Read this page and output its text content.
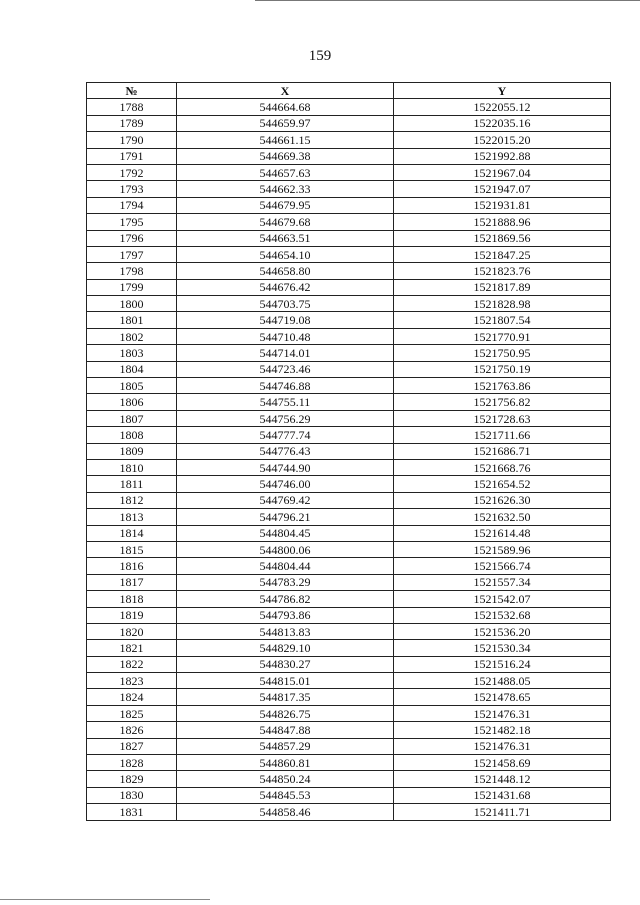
159
№	X	Y
1788	544664.68	1522055.12
1789	544659.97	1522035.16
1790	544661.15	1522015.20
1791	544669.38	1521992.88
1792	544657.63	1521967.04
1793	544662.33	1521947.07
1794	544679.95	1521931.81
1795	544679.68	1521888.96
1796	544663.51	1521869.56
1797	544654.10	1521847.25
1798	544658.80	1521823.76
1799	544676.42	1521817.89
1800	544703.75	1521828.98
1801	544719.08	1521807.54
1802	544710.48	1521770.91
1803	544714.01	1521750.95
1804	544723.46	1521750.19
1805	544746.88	1521763.86
1806	544755.11	1521756.82
1807	544756.29	1521728.63
1808	544777.74	1521711.66
1809	544776.43	1521686.71
1810	544744.90	1521668.76
1811	544746.00	1521654.52
1812	544769.42	1521626.30
1813	544796.21	1521632.50
1814	544804.45	1521614.48
1815	544800.06	1521589.96
1816	544804.44	1521566.74
1817	544783.29	1521557.34
1818	544786.82	1521542.07
1819	544793.86	1521532.68
1820	544813.83	1521536.20
1821	544829.10	1521530.34
1822	544830.27	1521516.24
1823	544815.01	1521488.05
1824	544817.35	1521478.65
1825	544826.75	1521476.31
1826	544847.88	1521482.18
1827	544857.29	1521476.31
1828	544860.81	1521458.69
1829	544850.24	1521448.12
1830	544845.53	1521431.68
1831	544858.46	1521411.71
